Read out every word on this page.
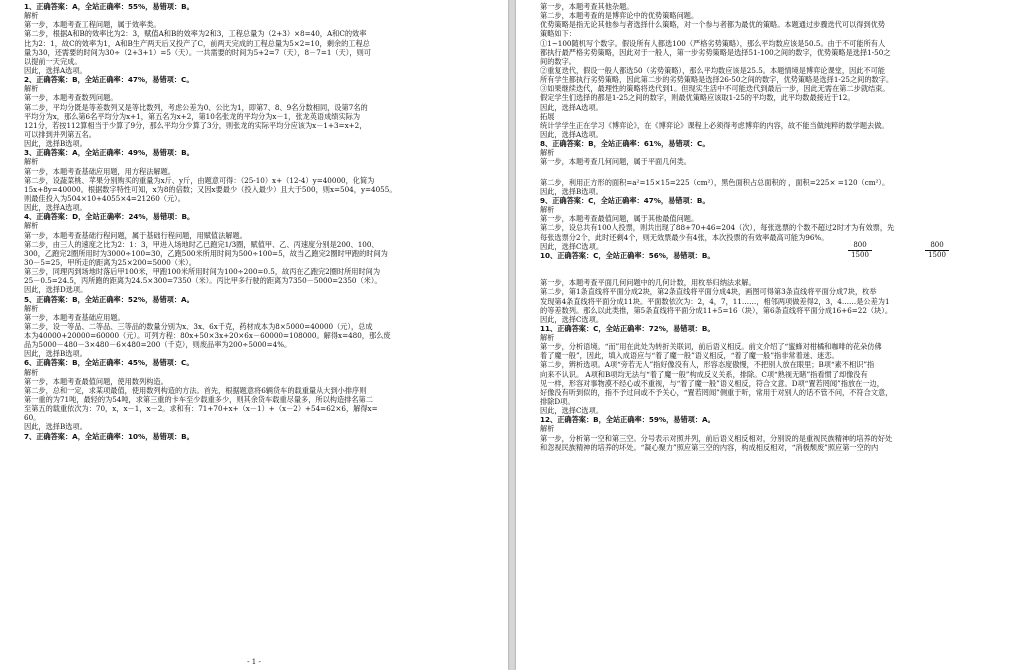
1、正确答案：A，全站正确率：55%，易错项：B。
解析
第一步，本题考查工程问题，属于效率类。
第二步，根据A和B的效率比为2：3，赋值A和B的效率为2和3，工程总量为（2+3）×8=40，A和C的效率
比为2：1，故C的效率为1，A和B生产两天后又投产了C，前两天完成的工程总量为5×2=10，剩余的工程总
量为30，还需要的时间为30÷（2+3+1）=5（天）。一共需要的时间为5+2=7（天），8－7=1（天），则可
以提前一天完成。
因此，选择A选项。
2、正确答案：B，全站正确率：47%，易错项：C。
解析
第一步，本题考查数列问题。
第二步，平均分既是等差数列又是等比数列，考虑公差为0、公比为1，即第7、8、9名分数相同，设第7名的
平均分为x，那么第6名平均分为x+1，第五名为x+2，第10名张龙的平均分为x－1，张龙英语成绩实际为
121分，若按112算相当于少算了9分，那么平均分少算了3分，则张龙的实际平均分应该为x－1+3=x+2，
可以排到并列第五名。
因此，选择B选项。
3、正确答案：A，全站正确率：49%，易错项：B。
解析
第一步，本题考查基础应用题，用方程法解题。
第二步，设蔬菜桃、苹果分别购买的重量为x斤、y斤，由题意可得：（25-10）x+（12-4）y=40000，化简为
15x+8y=40000。根据数字特性可知，x为8的倍数；又因x要最少（投入最少）且大于500，则x=504，y=4055。
则最佳投入为504×10+4055×4=21260（元）。
因此，选择A选项。
4、正确答案：D，全站正确率：24%，易错项：B。
解析
第一步，本题考查基础行程问题，属于基础行程问题，用赋值法解题。
第二步，由三人的速度之比为2：1：3，甲进入场地时乙已跑完1/3圈，赋值甲、乙、丙速度分别是200、100、
300，乙跑完2圈所用时为3000÷100=30，乙跑500米所用时间为500÷100=5，故当乙跑完2圈时甲跑的时间为
30－5=25，甲所走的距离为25×200=5000（米）。
第三步，同理丙到场地时落后甲100米，甲跑100米所用时间为100÷200=0.5，故丙在乙跑完2圈时所用时间为
25－0.5=24.5，丙所跑的距离为24.5×300=7350（米）。丙比甲多行驶的距离为7350－5000=2350（米）。
因此，选择D选项。
5、正确答案：B，全站正确率：52%，易错项：A。
解析
第一步，本题考查基础应用题。
第二步，设一等品、二等品、三等品的数量分别为x、3x、6x千克，药材成本为8×5000=40000（元），总成
本为40000+20000=60000（元）。可列方程：80x+50×3x+20×6x－60000=108000。解得x=480，那么废
品为5000－480－3×480－6×480=200（千克），则废品率为200÷5000=4%。
因此，选择B选项。
6、正确答案：B，全站正确率：45%，易错项：C。
解析
第一步，本题考查最值问题，使用数列构造。
第二步，总和一定，求某项最值，使用数列构造的方法。首先，根据题意将6辆货车的载重量从大到小排序则
第一重的为71吨，最轻的为54吨，求第三重的卡车至少载重多少，则其余货车载重尽量多，所以构造排名第二
至第五的载重依次为：70，x，x－1，x－2。求和有：71+70+x+（x－1）+（x－2）+54=62×6，解得x=
60。
因此，选择B选项。
7、正确答案：A，全站正确率：10%，易错项：B。
- 1 -
第一步，本题考查其他杂题。
第二步，本题考查的是博弈论中的优势策略问题。
优势策略是指无论其他参与者选择什么策略，对一个参与者都为最优的策略。本题通过步骤迭代可以得到优势
策略如下：
①1~100随机写个数字。假设所有人都选100（严格劣势策略），那么平均数应该是50.5。由于不可能所有人
都执行最严格劣势策略，因此对于一般人，第一步劣势策略是选择51-100之间的数字，优势策略是选择1-50之
间的数字。
②重复迭代，假设一般人都选50（劣势策略），那么平均数应该是25.5。本题情境是博弈论课堂，因此不可能
所有学生都执行劣势策略，因此第二步的劣势策略是选择26-50之间的数字，优势策略是选择1-25之间的数字。
③如果继续迭代，最理性的策略将迭代到1。但现实生活中不可能迭代到最后一步，因此无需在第二步就结束。
假定学生们选择的都是1-25之间的数字，则最优策略应该取1-25的平均数，此平均数最接近于12。
因此，选择A选项。
拓展
统计学学生正在学习《博弈论》，在《博弈论》课程上必须得考虑博弈的内容，故不能当做纯粹的数学题去做。
因此，选择A选项。
8、正确答案：B，全站正确率：61%，易错项：C。
解析
第一步，本题考查几何问题，属于平面几何类。
第二步，利用正方形的面积=a²=15×15=225（cm²），黑色面积占总面积的 ，面积=225× =120（cm²）。
因此，选择B选项。
9、正确答案：C，全站正确率：47%，易错项：B。
解析
第一步，本题考查最值问题，属于其他最值问题。
第二步，设总共有100人投票，则共出现了88+70+46=204（次），每张选票的个数不超过2时才为有效票，先
每张选票分2个，此时还剩4个，则无效票最少有4张，本次投票的有效率最高可能为96%。
因此，选择C选项。
10、正确答案：C，全站正确率：56%，易错项：B。
第一步，本题考查平面几何问题中的几何计数，用枚举归纳法求解。
第二步，第1条直线将平面分成2块，第2条直线将平面分成4块，画图可得第3条直线将平面分成7块，枚举
发现第4条直线将平面分成11块。平面数依次为：2，4，7，11……，相邻两项做差得2，3，4……是公差为1
的等差数列。那么以此类推，第5条直线将平面分成11+5=16（块），第6条直线将平面分成16+6=22（块）。
因此，选择C选项。
11、正确答案：C，全站正确率：72%，易错项：B。
解析
第一步，分析语境。“而”用在此处为转折关联词，前后语义相反。前文介绍了“蜜蜂对柑橘和咖啡的花朵仿佛
着了魔一般”，因此，填入成语应与“着了魔一般”语义相反，“着了魔一般”指非常着迷、迷恋。
第二步，辨析选项。A项“旁若无人”指好像没有人，形容态度傲慢，不把别人放在眼里；B项“素不相识”指
向来不认识。 A项和B项均无法与“着了魔一般”构成反义关系，排除。C项“熟视无睹”指看惯了却像没有
见一样，形容对事物漠不经心或不重视，与“着了魔一般”语义相反，符合文意。D项“置若罔闻”指放在一边，
好像没有听到似的，指不予过问或不予关心，“置若罔闻”侧重于听，常用于对别人的话不管不问，不符合文意，
排除D项。
因此，选择C选项。
12、正确答案：B，全站正确率：59%，易错项：A。
解析
第一步，分析第一空和第三空。分号表示对照并列，前后语义相反相对，分别说的是重视民族精神的培养的好处
和忽视民族精神的培养的坏处。“凝心聚力”照应第三空的内容，构成相反相对，“消极颓废”照应第一空的内
800
1500
800
1500
